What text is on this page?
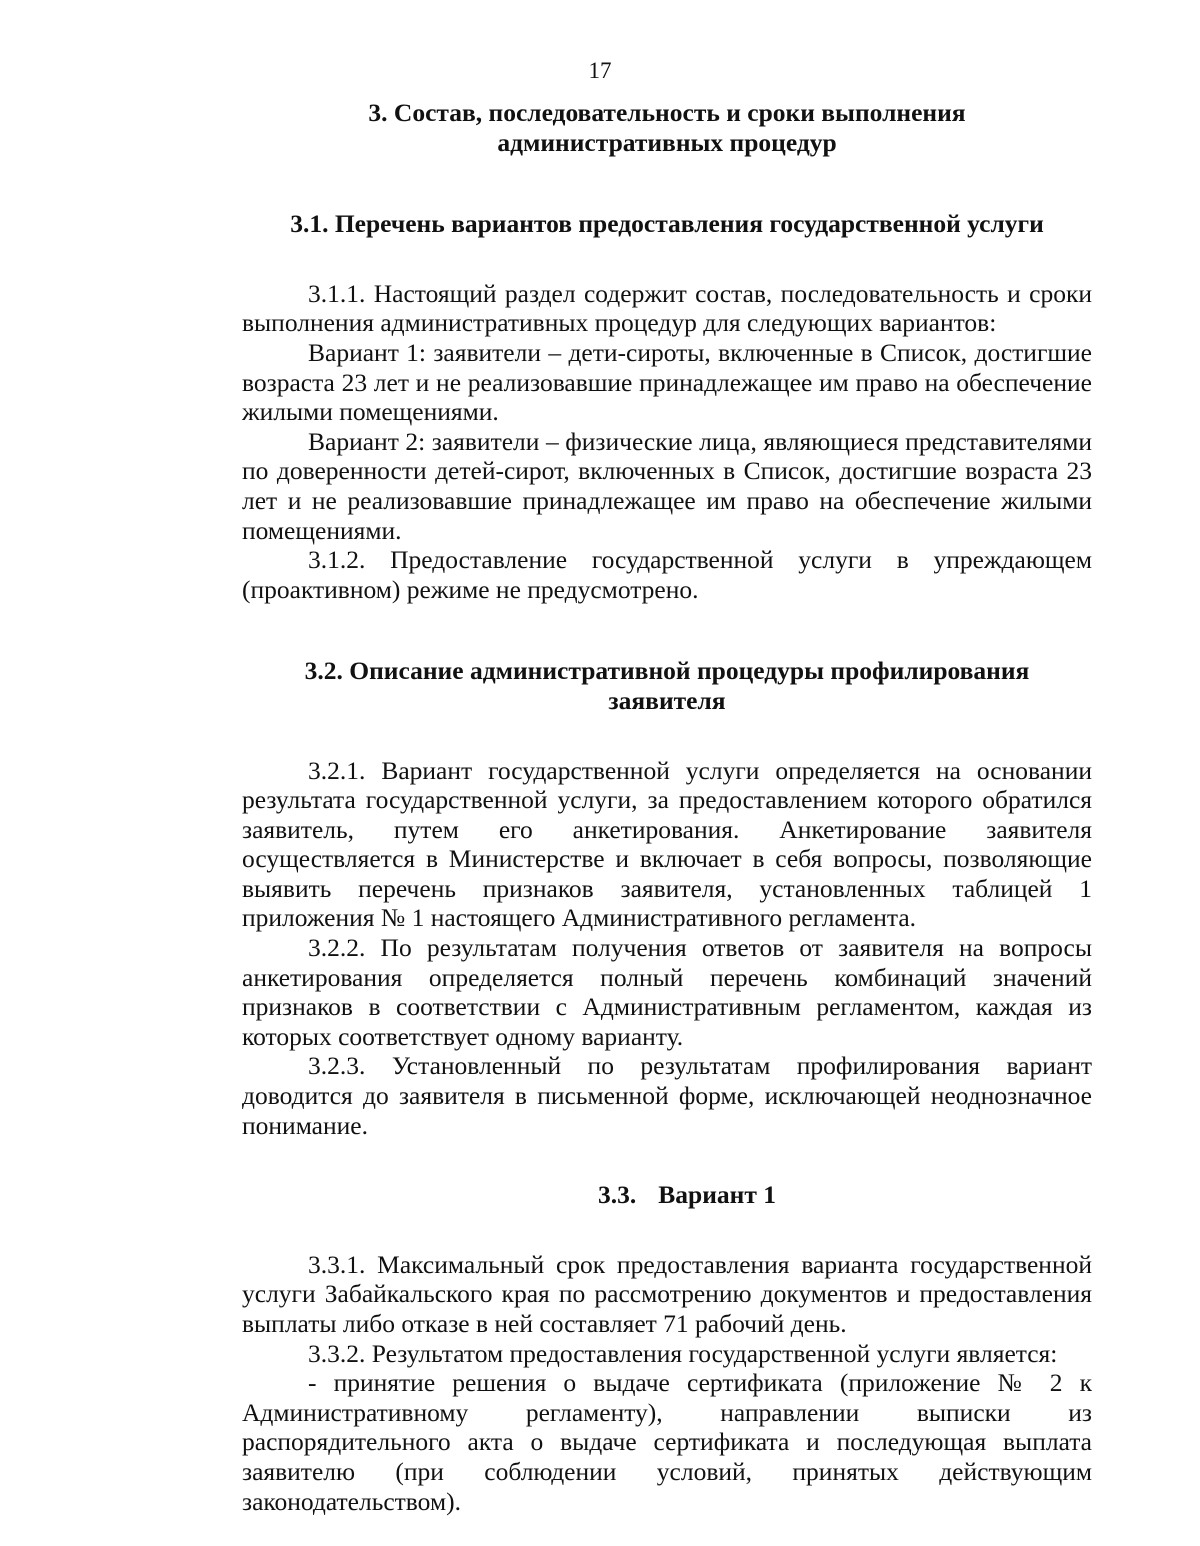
17
3. Состав, последовательность и сроки выполнения
административных процедур
3.1. Перечень вариантов предоставления государственной услуги

3.1.1. Настоящий раздел содержит состав, последовательность и сроки выполнения административных процедур для следующих вариантов:

Вариант 1: заявители – дети-сироты, включенные в Список, достигшие возраста 23 лет и не реализовавшие принадлежащее им право на обеспечение жилыми помещениями.

Вариант 2: заявители – физические лица, являющиеся представителями по доверенности детей-сирот, включенных в Список, достигшие возраста 23 лет и не реализовавшие принадлежащее им право на обеспечение жилыми помещениями.

3.1.2. Предоставление государственной услуги в упреждающем (проактивном) режиме не предусмотрено.

3.2. Описание административной процедуры профилирования
заявителя

3.2.1. Вариант государственной услуги определяется на основании результата государственной услуги, за предоставлением которого обратился заявитель, путем его анкетирования. Анкетирование заявителя осуществляется в Министерстве и включает в себя вопросы, позволяющие выявить перечень признаков заявителя, установленных таблицей 1 приложения № 1 настоящего Административного регламента.

3.2.2. По результатам получения ответов от заявителя на вопросы анкетирования определяется полный перечень комбинаций значений признаков в соответствии с Административным регламентом, каждая из которых соответствует одному варианту.

3.2.3. Установленный по результатам профилирования вариант доводится до заявителя в письменной форме, исключающей неоднозначное понимание.

3.3. Вариант 1

3.3.1. Максимальный срок предоставления варианта государственной услуги Забайкальского края по рассмотрению документов и предоставления выплаты либо отказе в ней составляет 71 рабочий день.

3.3.2. Результатом предоставления государственной услуги является:

- принятие решения о выдаче сертификата (приложение № 2 к Административному регламенту), направлении выписки из распорядительного акта о выдаче сертификата и последующая выплата заявителю (при соблюдении условий, принятых действующим законодательством).
